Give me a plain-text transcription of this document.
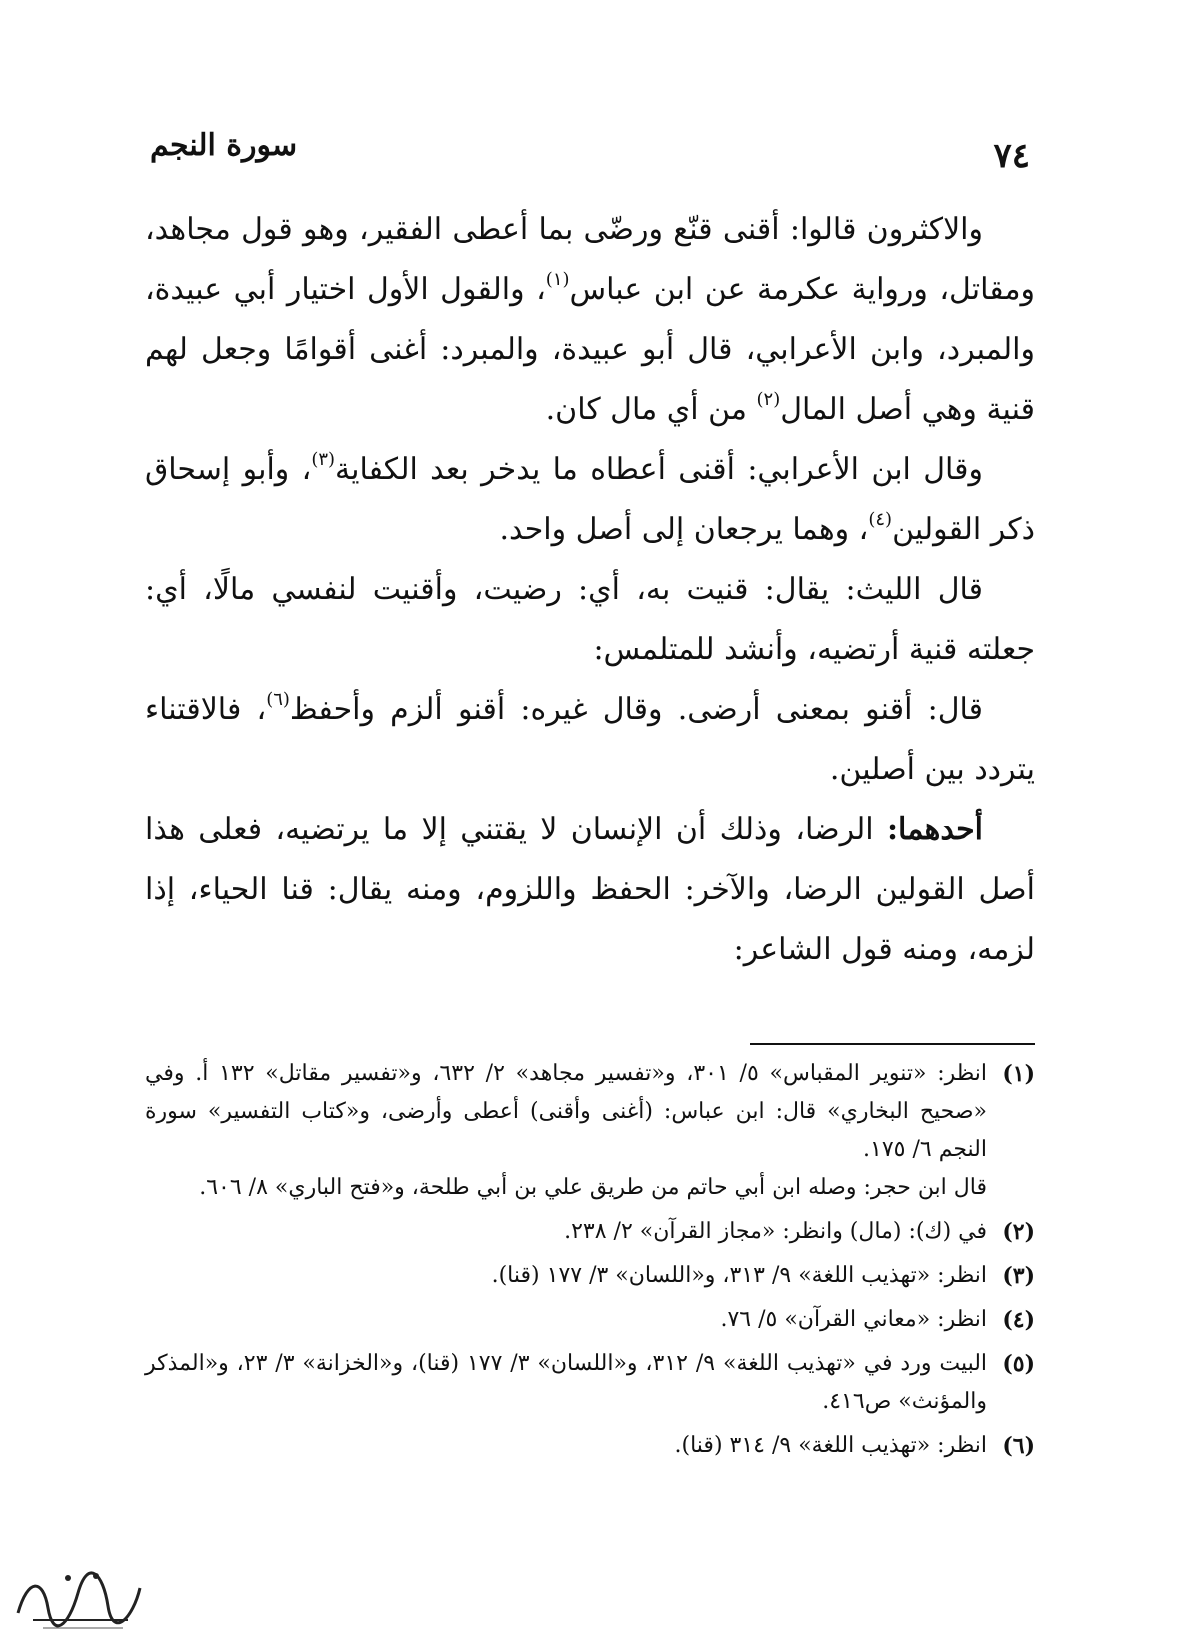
٧٤
سورة النجم

والاكثرون قالوا: أقنى قنّع ورضّى بما أعطى الفقير، وهو قول مجاهد، ومقاتل، ورواية عكرمة عن ابن عباس$^{(١)}$، والقول الأول اختيار أبي عبيدة، والمبرد، وابن الأعرابي، قال أبو عبيدة، والمبرد: أغنى أقوامًا وجعل لهم قنية وهي أصل المال$^{(٢)}$ من أي مال كان.

وقال ابن الأعرابي: أقنى أعطاه ما يدخر بعد الكفاية$^{(٣)}$، وأبو إسحاق ذكر القولين$^{(٤)}$، وهما يرجعان إلى أصل واحد.

قال الليث: يقال: قنيت به، أي: رضيت، وأقنيت لنفسي مالًا، أي: جعلته قنية أرتضيه، وأنشد للمتلمس:

قال: أقنو بمعنى أرضى. وقال غيره: أقنو ألزم وأحفظ$^{(٦)}$، فالاقتناء يتردد بين أصلين.

أحدهما: الرضا، وذلك أن الإنسان لا يقتني إلا ما يرتضيه، فعلى هذا أصل القولين الرضا، والآخر: الحفظ واللزوم، ومنه يقال: قنا الحياء، إذا لزمه، ومنه قول الشاعر:

(١)
انظر: «تنوير المقباس» ٥/ ٣٠١، و«تفسير مجاهد» ٢/ ٦٣٢، و«تفسير مقاتل» ١٣٢ أ. وفي «صحيح البخاري» قال: ابن عباس: (أغنى وأقنى) أعطى وأرضى، و«كتاب التفسير» سورة النجم ٦/ ١٧٥.
قال ابن حجر: وصله ابن أبي حاتم من طريق علي بن أبي طلحة، و«فتح الباري» ٨/ ٦٠٦.
(٢)
في (ك): (مال) وانظر: «مجاز القرآن» ٢/ ٢٣٨.
(٣)
انظر: «تهذيب اللغة» ٩/ ٣١٣، و«اللسان» ٣/ ١٧٧ (قنا).
(٤)
انظر: «معاني القرآن» ٥/ ٧٦.
(٥)
البيت ورد في «تهذيب اللغة» ٩/ ٣١٢، و«اللسان» ٣/ ١٧٧ (قنا)، و«الخزانة» ٣/ ٢٣، و«المذكر والمؤنث» ص٤١٦.
(٦)
انظر: «تهذيب اللغة» ٩/ ٣١٤ (قنا).
